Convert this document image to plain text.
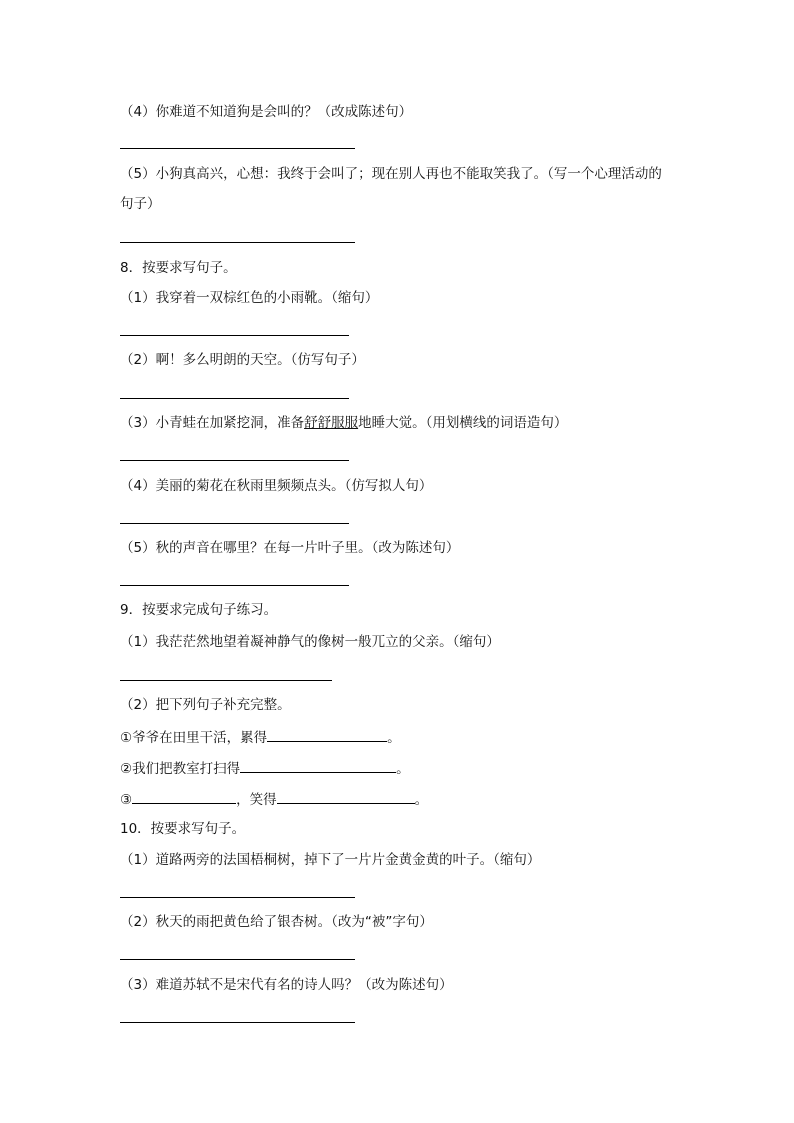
（4）你难道不知道狗是会叫的？（改成陈述句）
（5）小狗真高兴，心想：我终于会叫了；现在别人再也不能取笑我了。（写一个心理活动的
句子）
8．按要求写句子。
（1）我穿着一双棕红色的小雨靴。（缩句）
（2）啊！多么明朗的天空。（仿写句子）
（3）小青蛙在加紧挖洞，准备舒舒服服地睡大觉。（用划横线的词语造句）
（4）美丽的菊花在秋雨里频频点头。（仿写拟人句）
（5）秋的声音在哪里？在每一片叶子里。（改为陈述句）
9．按要求完成句子练习。
（1）我茫茫然地望着凝神静气的像树一般兀立的父亲。（缩句）
（2）把下列句子补充完整。
①爷爷在田里干活，累得	。
②我们把教室打扫得	。
③	，笑得	。
10．按要求写句子。
（1）道路两旁的法国梧桐树，掉下了一片片金黄金黄的叶子。（缩句）
（2）秋天的雨把黄色给了银杏树。（改为“被”字句）
（3）难道苏轼不是宋代有名的诗人吗？（改为陈述句）
